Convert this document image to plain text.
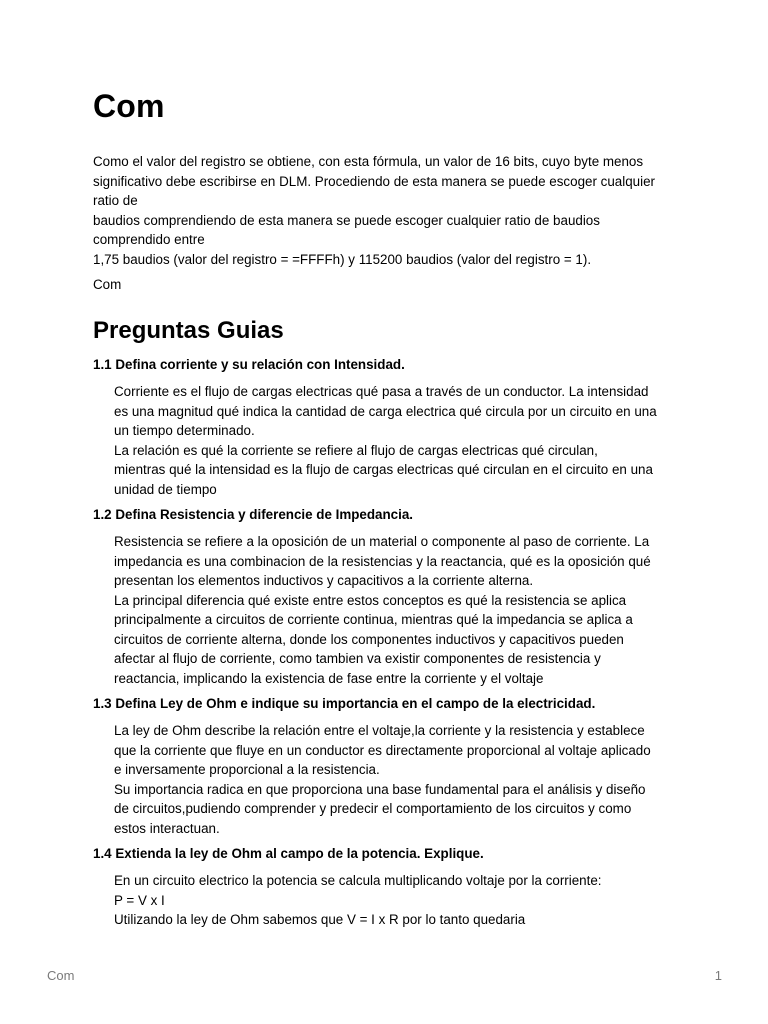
Com
Como el valor del registro se obtiene, con esta fórmula, un valor de 16 bits, cuyo byte menos
significativo debe escribirse en DLM. Procediendo de esta manera se puede escoger cualquier
ratio de
baudios comprendiendo de esta manera se puede escoger cualquier ratio de baudios
comprendido entre
1,75 baudios (valor del registro = =FFFFh) y 115200 baudios (valor del registro = 1).

Com

Preguntas Guias

1.1 Defina corriente y su relación con Intensidad.

Corriente es el flujo de cargas electricas qué pasa a través de un conductor. La intensidad
es una magnitud qué indica la cantidad de carga electrica qué circula por un circuito en una
un tiempo determinado.
La relación es qué la corriente se refiere al flujo de cargas electricas qué circulan,
mientras qué la intensidad es la flujo de cargas electricas qué circulan en el circuito en una
unidad de tiempo

1.2 Defina Resistencia y diferencie de Impedancia.

Resistencia se refiere a la oposición de un material o componente al paso de corriente. La
impedancia es una combinacion de la resistencias y la reactancia, qué es la oposición qué
presentan los elementos inductivos y capacitivos a la corriente alterna.
La principal diferencia qué existe entre estos conceptos es qué la resistencia se aplica
principalmente a circuitos de corriente continua, mientras qué la impedancia se aplica a
circuitos de corriente alterna, donde los componentes inductivos y capacitivos pueden
afectar al flujo de corriente, como tambien va existir componentes de resistencia y
reactancia, implicando la existencia de fase entre la corriente y el voltaje

1.3 Defina Ley de Ohm e indique su importancia en el campo de la electricidad.

La ley de Ohm describe la relación entre el voltaje,la corriente y la resistencia y establece
que la corriente que fluye en un conductor es directamente proporcional al voltaje aplicado
e inversamente proporcional a la resistencia.
Su importancia radica en que proporciona una base fundamental para el análisis y diseño
de circuitos,pudiendo comprender y predecir el comportamiento de los circuitos y como
estos interactuan.

1.4 Extienda la ley de Ohm al campo de la potencia. Explique.

En un circuito electrico la potencia se calcula multiplicando voltaje por la corriente:
P = V x I
Utilizando la ley de Ohm sabemos que V = I x R por lo tanto quedaria
Com	1
